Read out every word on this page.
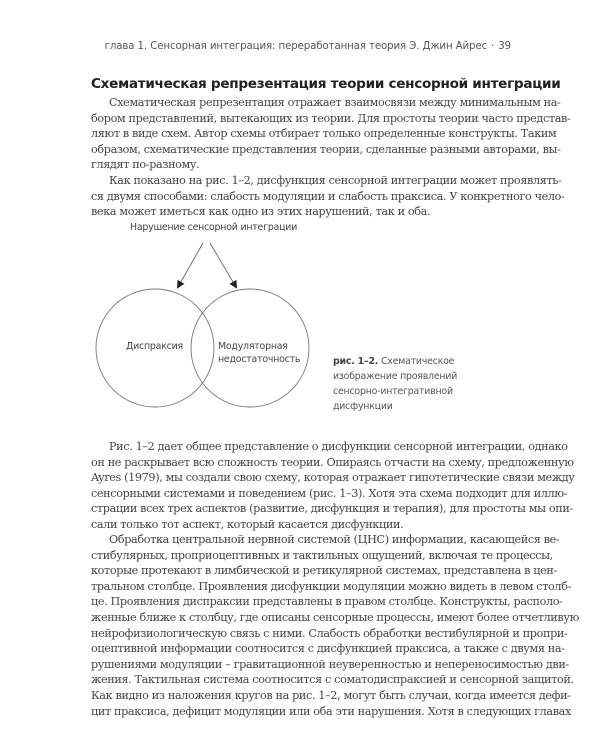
глава 1. Сенсорная интеграция: переработанная теория Э. Джин Айрес · 39
Схематическая репрезентация теории сенсорной интеграции
Схематическая репрезентация отражает взаимосвязи между минимальным на-
бором представлений, вытекающих из теории. Для простоты теории часто представ-
ляют в виде схем. Автор схемы отбирает только определенные конструкты. Таким
образом, схематические представления теории, сделанные разными авторами, вы-
глядят по-разному.
Как показано на рис. 1–2, дисфункция сенсорной интеграции может проявлять-
ся двумя способами: слабость модуляции и слабость праксиса. У конкретного чело-
века может иметься как одно из этих нарушений, так и оба.
Нарушение сенсорной интеграции
Диспраксия	Модуляторная
недостаточность	рис. 1–2. Схематическое
изображение проявлений
сенсорно-интегративной
дисфункции
Рис. 1–2 дает общее представление о дисфункции сенсорной интеграции, однако
он не раскрывает всю сложность теории. Опираясь отчасти на схему, предложенную
Ayres (1979), мы создали свою схему, которая отражает гипотетические связи между
сенсорными системами и поведением (рис. 1–3). Хотя эта схема подходит для иллю-
страции всех трех аспектов (развитие, дисфункция и терапия), для простоты мы опи-
сали только тот аспект, который касается дисфункции.
Обработка центральной нервной системой (ЦНС) информации, касающейся ве-
стибулярных, проприоцептивных и тактильных ощущений, включая те процессы,
которые протекают в лимбической и ретикулярной системах, представлена в цен-
тральном столбце. Проявления дисфункции модуляции можно видеть в левом столб-
це. Проявления диспраксии представлены в правом столбце. Конструкты, располо-
женные ближе к столбцу, где описаны сенсорные процессы, имеют более отчетливую
нейрофизиологическую связь с ними. Слабость обработки вестибулярной и пропри-
оцептивной информации соотносится с дисфункцией праксиса, а также с двумя на-
рушениями модуляции – гравитационной неуверенностью и непереносимостью дви-
жения. Тактильная система соотносится с соматодиспраксией и сенсорной защитой.
Как видно из наложения кругов на рис. 1–2, могут быть случаи, когда имеется дефи-
цит праксиса, дефицит модуляции или оба эти нарушения. Хотя в следующих главах
